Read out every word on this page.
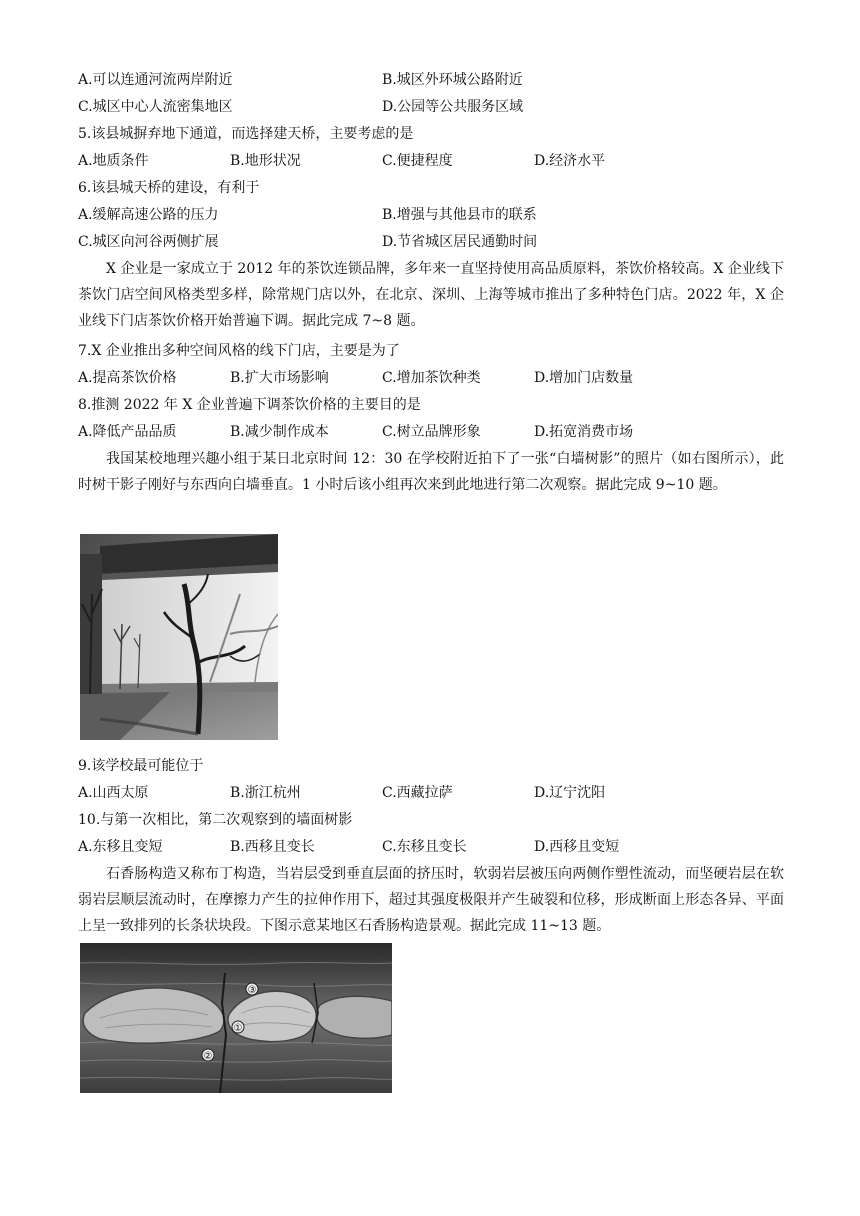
A.可以连通河流两岸附近	B.城区外环城公路附近
C.城区中心人流密集地区	D.公园等公共服务区域
5.该县城摒弃地下通道，而选择建天桥，主要考虑的是
A.地质条件	B.地形状况	C.便捷程度	D.经济水平
6.该县城天桥的建设，有利于
A.缓解高速公路的压力	B.增强与其他县市的联系
C.城区向河谷两侧扩展	D.节省城区居民通勤时间

X 企业是一家成立于 2012 年的茶饮连锁品牌，多年来一直坚持使用高品质原料，茶饮价格较高。X 企业线下茶饮门店空间风格类型多样，除常规门店以外，在北京、深圳、上海等城市推出了多种特色门店。2022 年，X 企业线下门店茶饮价格开始普遍下调。据此完成 7~8 题。

7.X 企业推出多种空间风格的线下门店，主要是为了
A.提高茶饮价格	B.扩大市场影响	C.增加茶饮种类	D.增加门店数量
8.推测 2022 年 X 企业普遍下调茶饮价格的主要目的是
A.降低产品品质	B.减少制作成本	C.树立品牌形象	D.拓宽消费市场

我国某校地理兴趣小组于某日北京时间 12：30 在学校附近拍下了一张“白墙树影”的照片（如右图所示），此时树干影子刚好与东西向白墙垂直。1 小时后该小组再次来到此地进行第二次观察。据此完成 9~10 题。

9.该学校最可能位于
A.山西太原	B.浙江杭州	C.西藏拉萨	D.辽宁沈阳
10.与第一次相比，第二次观察到的墙面树影
A.东移且变短	B.西移且变长	C.东移且变长	D.西移且变短

石香肠构造又称布丁构造，当岩层受到垂直层面的挤压时，软弱岩层被压向两侧作塑性流动，而坚硬岩层在软弱岩层顺层流动时，在摩擦力产生的拉伸作用下，超过其强度极限并产生破裂和位移，形成断面上形态各异、平面上呈一致排列的长条状块段。下图示意某地区石香肠构造景观。据此完成 11~13 题。

③
①
②
